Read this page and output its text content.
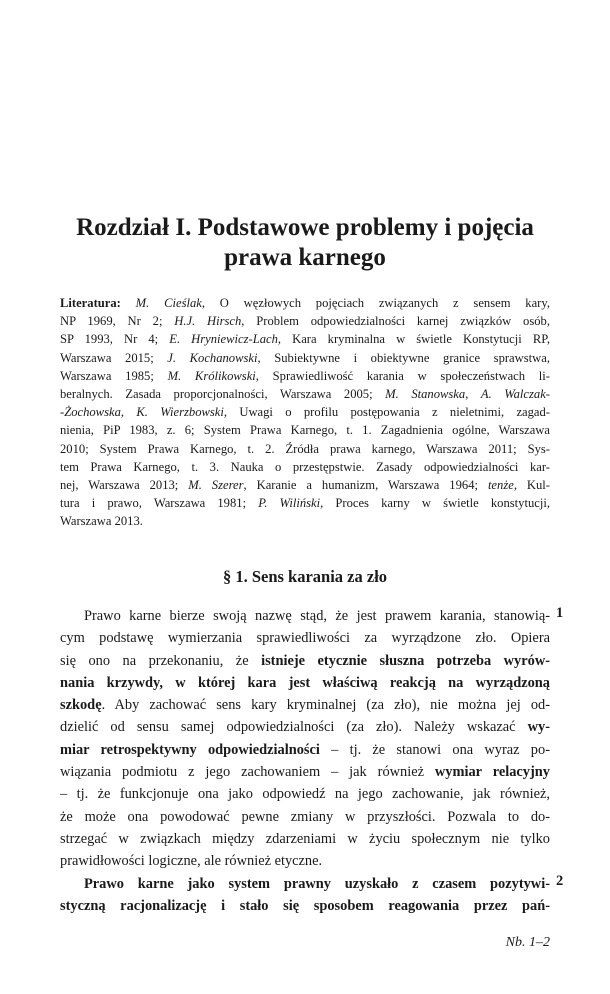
Rozdział I. Podstawowe problemy i pojęcia
prawa karnego
Literatura: M. Cieślak, O węzłowych pojęciach związanych z sensem kary,
NP 1969, Nr 2; H.J. Hirsch, Problem odpowiedzialności karnej związków osób,
SP 1993, Nr 4; E. Hryniewicz-Lach, Kara kryminalna w świetle Konstytucji RP,
Warszawa 2015; J. Kochanowski, Subiektywne i obiektywne granice sprawstwa,
Warszawa 1985; M. Królikowski, Sprawiedliwość karania w społeczeństwach li-
beralnych. Zasada proporcjonalności, Warszawa 2005; M. Stanowska, A. Walczak-
-Żochowska, K. Wierzbowski, Uwagi o profilu postępowania z nieletnimi, zagad-
nienia, PiP 1983, z. 6; System Prawa Karnego, t. 1. Zagadnienia ogólne, Warszawa
2010; System Prawa Karnego, t. 2. Źródła prawa karnego, Warszawa 2011; Sys-
tem Prawa Karnego, t. 3. Nauka o przestępstwie. Zasady odpowiedzialności kar-
nej, Warszawa 2013; M. Szerer, Karanie a humanizm, Warszawa 1964; tenże, Kul-
tura i prawo, Warszawa 1981; P. Wiliński, Proces karny w świetle konstytucji,
Warszawa 2013.
§ 1. Sens karania za zło
Prawo karne bierze swoją nazwę stąd, że jest prawem karania, stanowią-
cym podstawę wymierzania sprawiedliwości za wyrządzone zło. Opiera
się ono na przekonaniu, że istnieje etycznie słuszna potrzeba wyrów-
nania krzywdy, w której kara jest właściwą reakcją na wyrządzoną
szkodę. Aby zachować sens kary kryminalnej (za zło), nie można jej od-
dzielić od sensu samej odpowiedzialności (za zło). Należy wskazać wy-
miar retrospektywny odpowiedzialności – tj. że stanowi ona wyraz po-
wiązania podmiotu z jego zachowaniem – jak również wymiar relacyjny
– tj. że funkcjonuje ona jako odpowiedź na jego zachowanie, jak również,
że może ona powodować pewne zmiany w przyszłości. Pozwala to do-
strzegać w związkach między zdarzeniami w życiu społecznym nie tylko
prawidłowości logiczne, ale również etyczne.
Prawo karne jako system prawny uzyskało z czasem pozytywi-
styczną racjonalizację i stało się sposobem reagowania przez pań-
1
2
Nb. 1–2
